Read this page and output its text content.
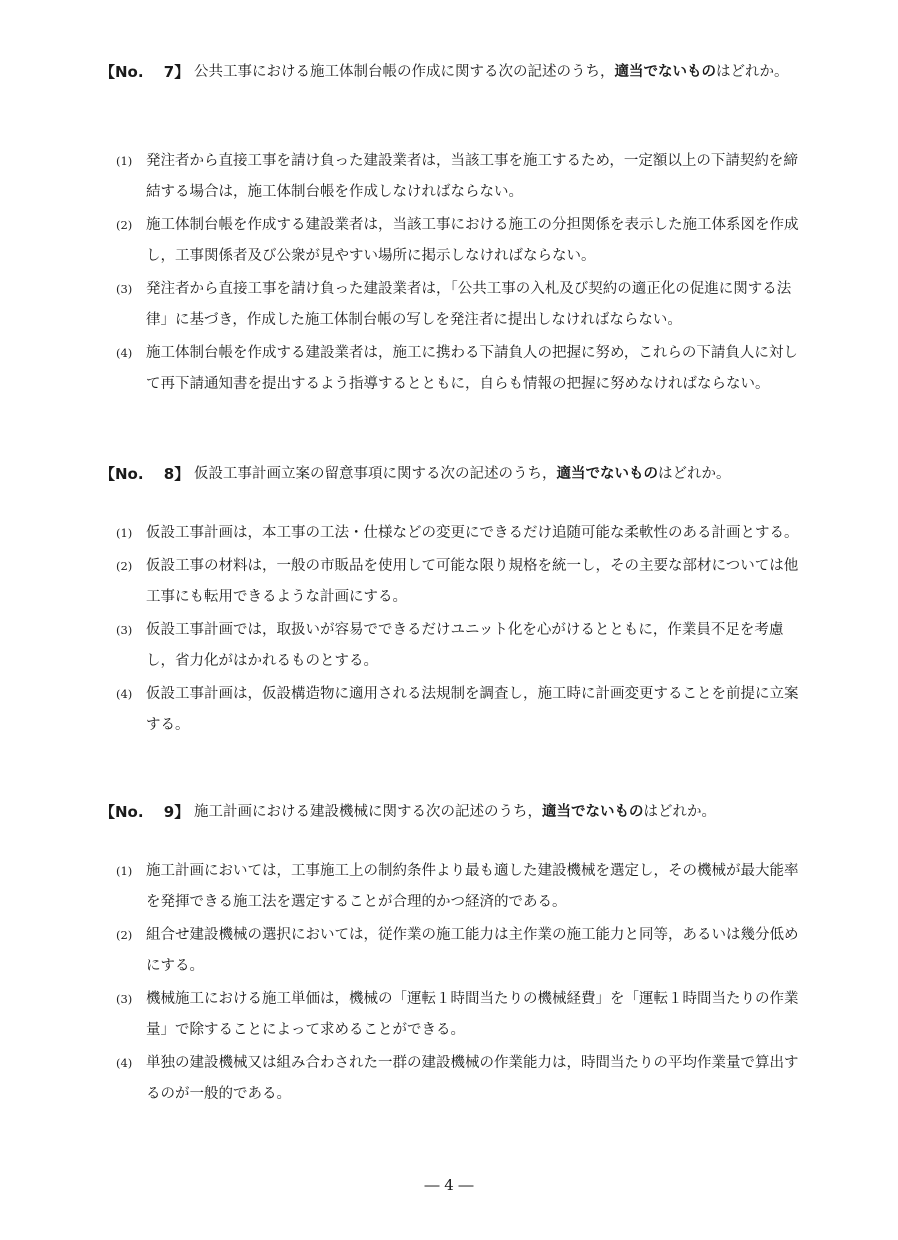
【No.　 7】 公共工事における施工体制台帳の作成に関する次の記述のうち，適当でないものはどれか。
(1) 発注者から直接工事を請け負った建設業者は，当該工事を施工するため，一定額以上の下請契約を締結する場合は，施工体制台帳を作成しなければならない。
(2) 施工体制台帳を作成する建設業者は，当該工事における施工の分担関係を表示した施工体系図を作成し，工事関係者及び公衆が見やすい場所に掲示しなければならない。
(3) 発注者から直接工事を請け負った建設業者は，「公共工事の入札及び契約の適正化の促進に関する法律」に基づき，作成した施工体制台帳の写しを発注者に提出しなければならない。
(4) 施工体制台帳を作成する建設業者は，施工に携わる下請負人の把握に努め，これらの下請負人に対して再下請通知書を提出するよう指導するとともに，自らも情報の把握に努めなければならない。
【No.　 8】 仮設工事計画立案の留意事項に関する次の記述のうち，適当でないものはどれか。
(1) 仮設工事計画は，本工事の工法・仕様などの変更にできるだけ追随可能な柔軟性のある計画とする。
(2) 仮設工事の材料は，一般の市販品を使用して可能な限り規格を統一し，その主要な部材については他工事にも転用できるような計画にする。
(3) 仮設工事計画では，取扱いが容易でできるだけユニット化を心がけるとともに，作業員不足を考慮し，省力化がはかれるものとする。
(4) 仮設工事計画は，仮設構造物に適用される法規制を調査し，施工時に計画変更することを前提に立案する。
【No.　 9】 施工計画における建設機械に関する次の記述のうち，適当でないものはどれか。
(1) 施工計画においては，工事施工上の制約条件より最も適した建設機械を選定し，その機械が最大能率を発揮できる施工法を選定することが合理的かつ経済的である。
(2) 組合せ建設機械の選択においては，従作業の施工能力は主作業の施工能力と同等，あるいは幾分低めにする。
(3) 機械施工における施工単価は，機械の「運転１時間当たりの機械経費」を「運転１時間当たりの作業量」で除することによって求めることができる。
(4) 単独の建設機械又は組み合わされた一群の建設機械の作業能力は，時間当たりの平均作業量で算出するのが一般的である。
― 4 ―
